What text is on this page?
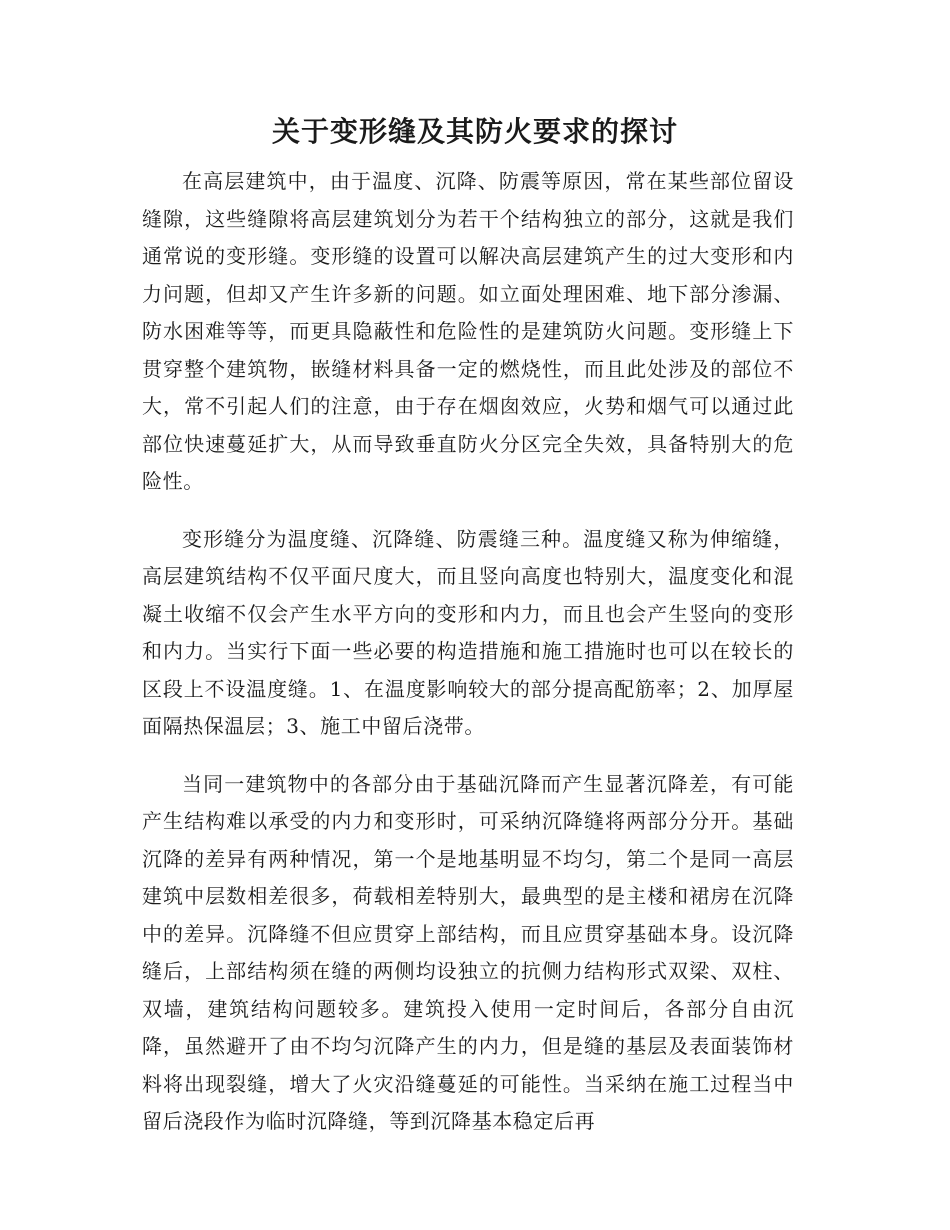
关于变形缝及其防火要求的探讨

在高层建筑中，由于温度、沉降、防震等原因，常在某些部位留设缝隙，这些缝隙将高层建筑划分为若干个结构独立的部分，这就是我们通常说的变形缝。变形缝的设置可以解决高层建筑产生的过大变形和内力问题，但却又产生许多新的问题。如立面处理困难、地下部分渗漏、防水困难等等，而更具隐蔽性和危险性的是建筑防火问题。变形缝上下贯穿整个建筑物，嵌缝材料具备一定的燃烧性，而且此处涉及的部位不大，常不引起人们的注意，由于存在烟囱效应，火势和烟气可以通过此部位快速蔓延扩大，从而导致垂直防火分区完全失效，具备特别大的危险性。

变形缝分为温度缝、沉降缝、防震缝三种。温度缝又称为伸缩缝，高层建筑结构不仅平面尺度大，而且竖向高度也特别大，温度变化和混凝土收缩不仅会产生水平方向的变形和内力，而且也会产生竖向的变形和内力。当实行下面一些必要的构造措施和施工措施时也可以在较长的区段上不设温度缝。1、在温度影响较大的部分提高配筋率；2、加厚屋面隔热保温层；3、施工中留后浇带。

当同一建筑物中的各部分由于基础沉降而产生显著沉降差，有可能产生结构难以承受的内力和变形时，可采纳沉降缝将两部分分开。基础沉降的差异有两种情况，第一个是地基明显不均匀，第二个是同一高层建筑中层数相差很多，荷载相差特别大，最典型的是主楼和裙房在沉降中的差异。沉降缝不但应贯穿上部结构，而且应贯穿基础本身。设沉降缝后，上部结构须在缝的两侧均设独立的抗侧力结构形式双梁、双柱、双墙，建筑结构问题较多。建筑投入使用一定时间后，各部分自由沉降，虽然避开了由不均匀沉降产生的内力，但是缝的基层及表面装饰材料将出现裂缝，增大了火灾沿缝蔓延的可能性。当采纳在施工过程当中留后浇段作为临时沉降缝，等到沉降基本稳定后再
